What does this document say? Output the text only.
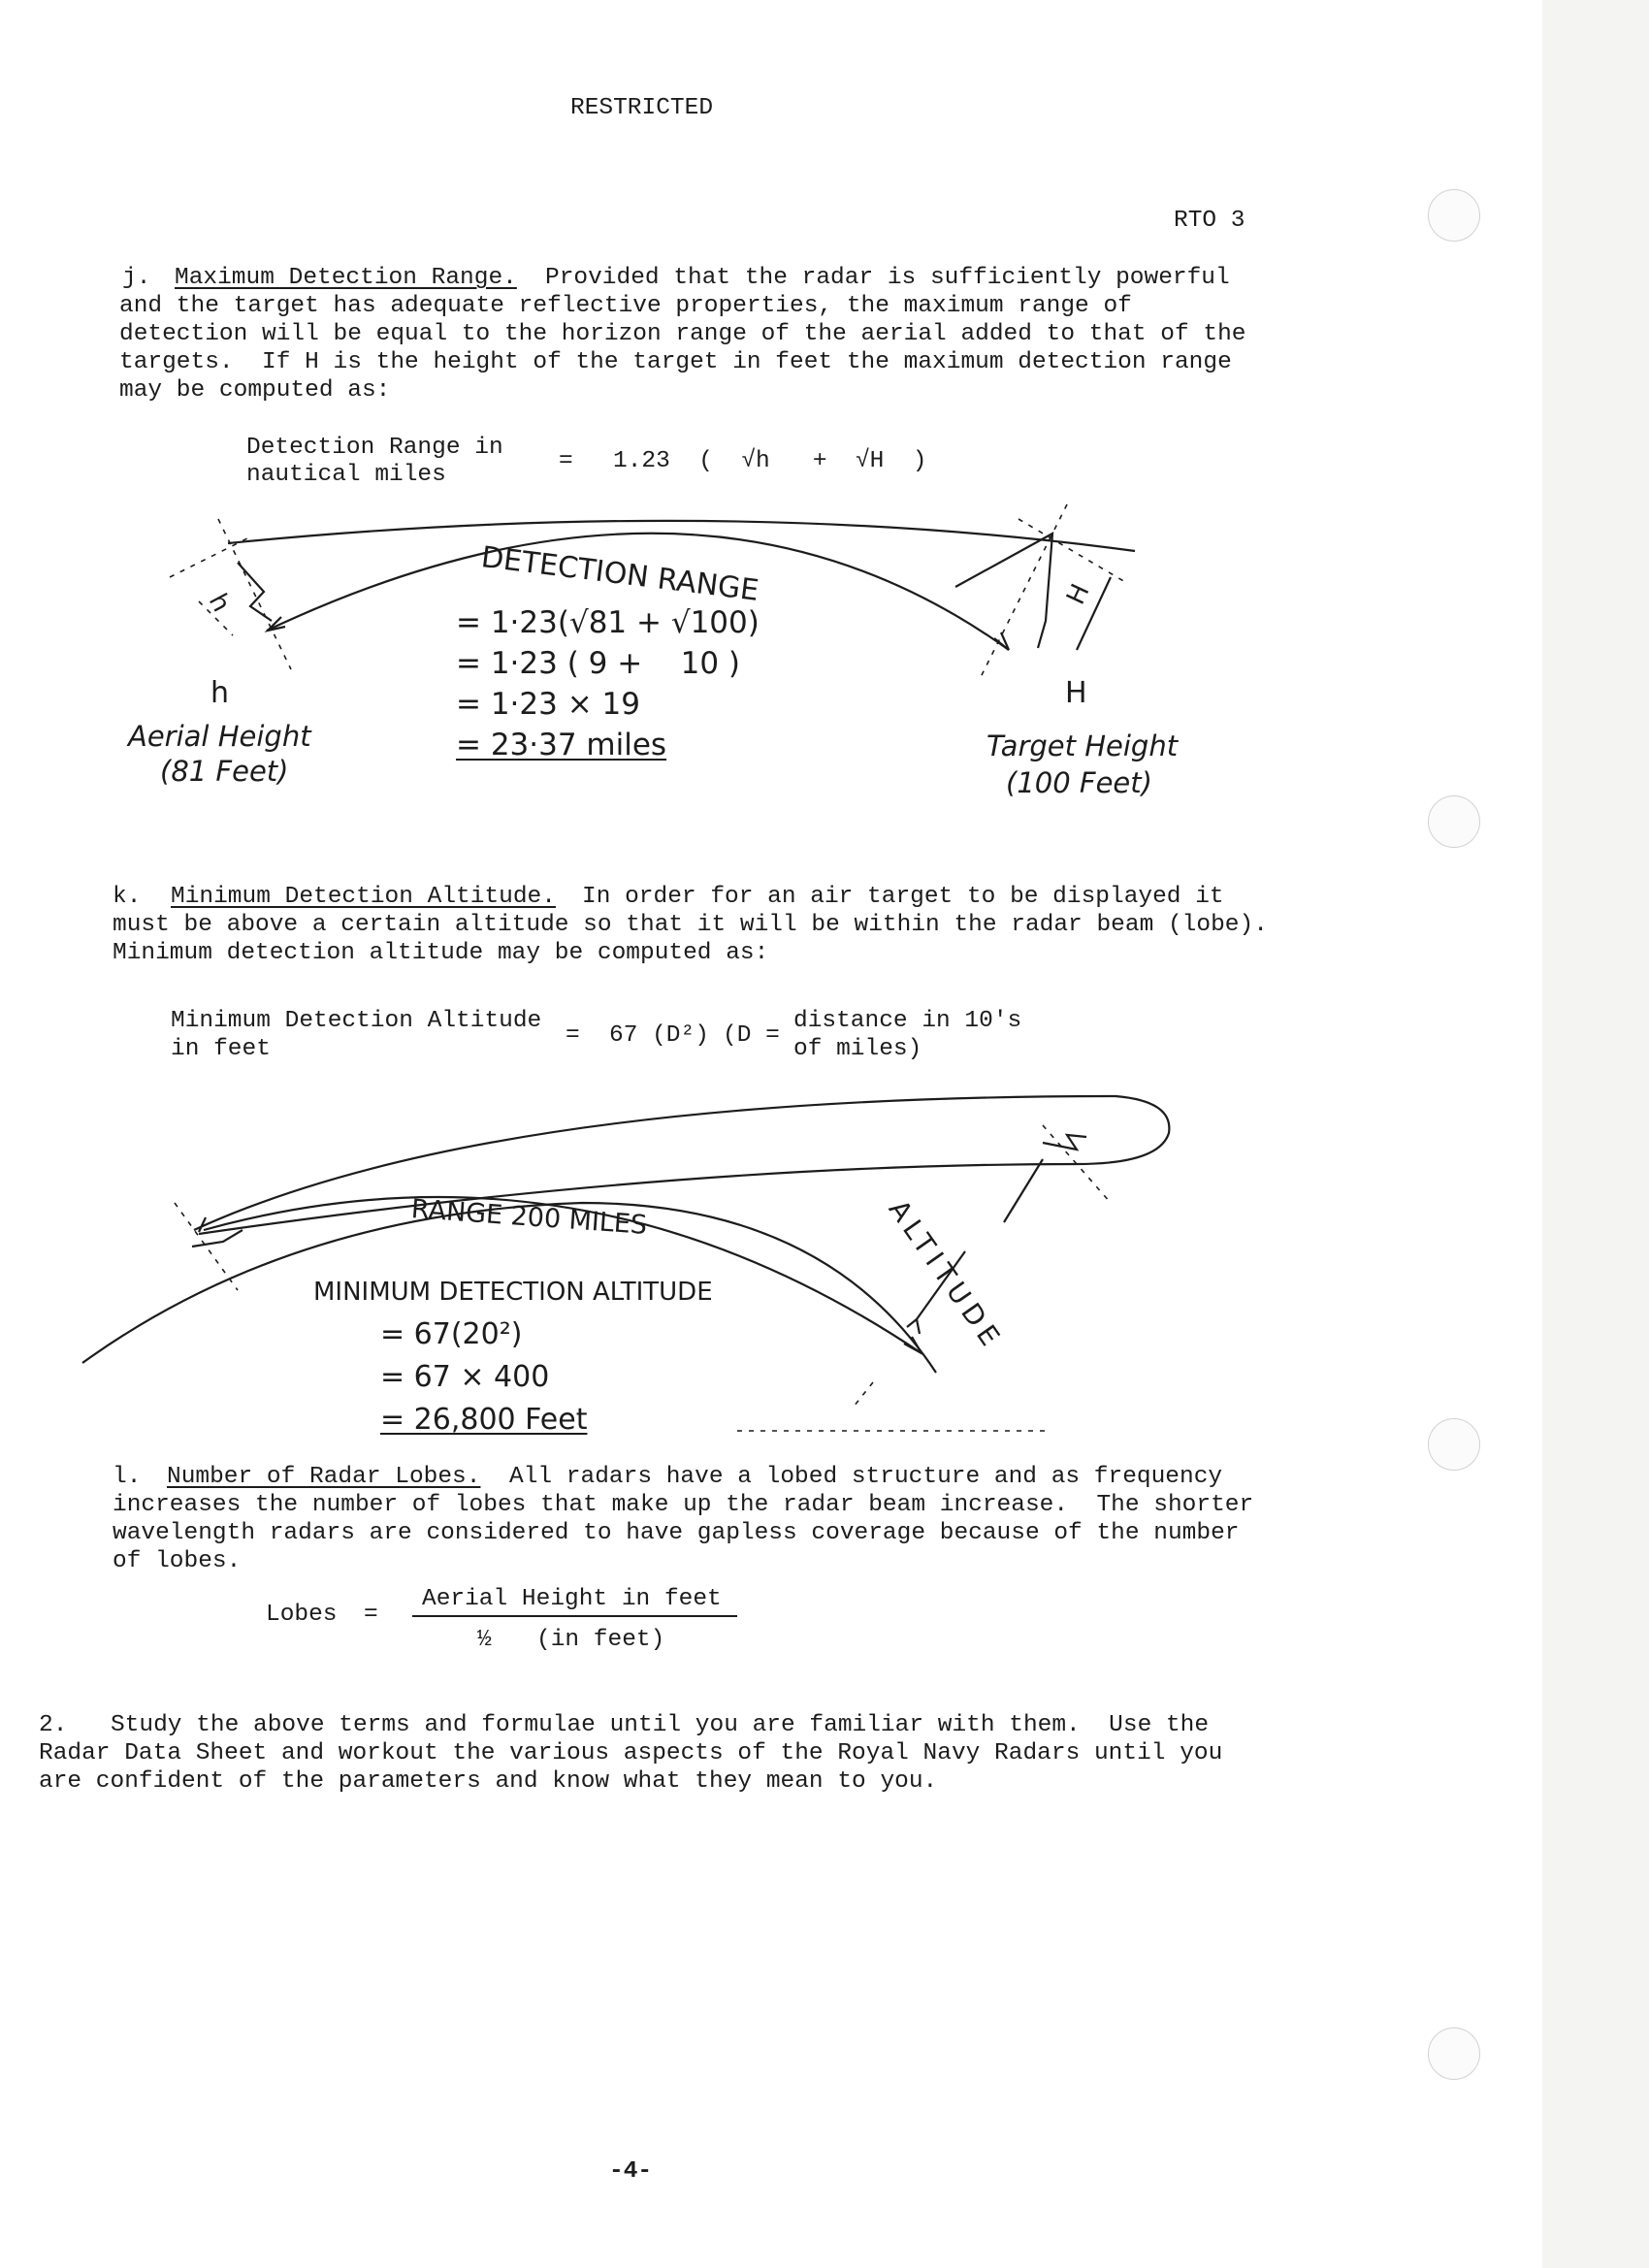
RESTRICTED
RTO 3
j. Maximum Detection Range. Provided that the radar is sufficiently powerful
and the target has adequate reflective properties, the maximum range of
detection will be equal to the horizon range of the aerial added to that of the
targets.  If H is the height of the target in feet the maximum detection range
may be computed as:
Detection Range in
nautical miles
= 1.23  (  √h   +  √H  )
h	H
DETECTION RANGE
= 1·23(√81 + √100)
= 1·23 ( 9 +    10 )
= 1·23 × 19
= 23·37 miles
h
Aerial Height
(81 Feet)
H
Target Height
(100 Feet)
k. Minimum Detection Altitude. In order for an air target to be displayed it
must be above a certain altitude so that it will be within the radar beam (lobe).
Minimum detection altitude may be computed as:
Minimum Detection Altitude
in feet
= 67 (D²) (D =
distance in 10's
of miles)
RANGE 200 MILES	ALTITUDE
MINIMUM DETECTION ALTITUDE
= 67(20²)
= 67 × 400
= 26,800 Feet
l. Number of Radar Lobes. All radars have a lobed structure and as frequency
increases the number of lobes that make up the radar beam increase.  The shorter
wavelength radars are considered to have gapless coverage because of the number
of lobes.
Lobes =
Aerial Height in feet
½ (in feet)
2. Study the above terms and formulae until you are familiar with them.  Use the
Radar Data Sheet and workout the various aspects of the Royal Navy Radars until you
are confident of the parameters and know what they mean to you.
-4-
